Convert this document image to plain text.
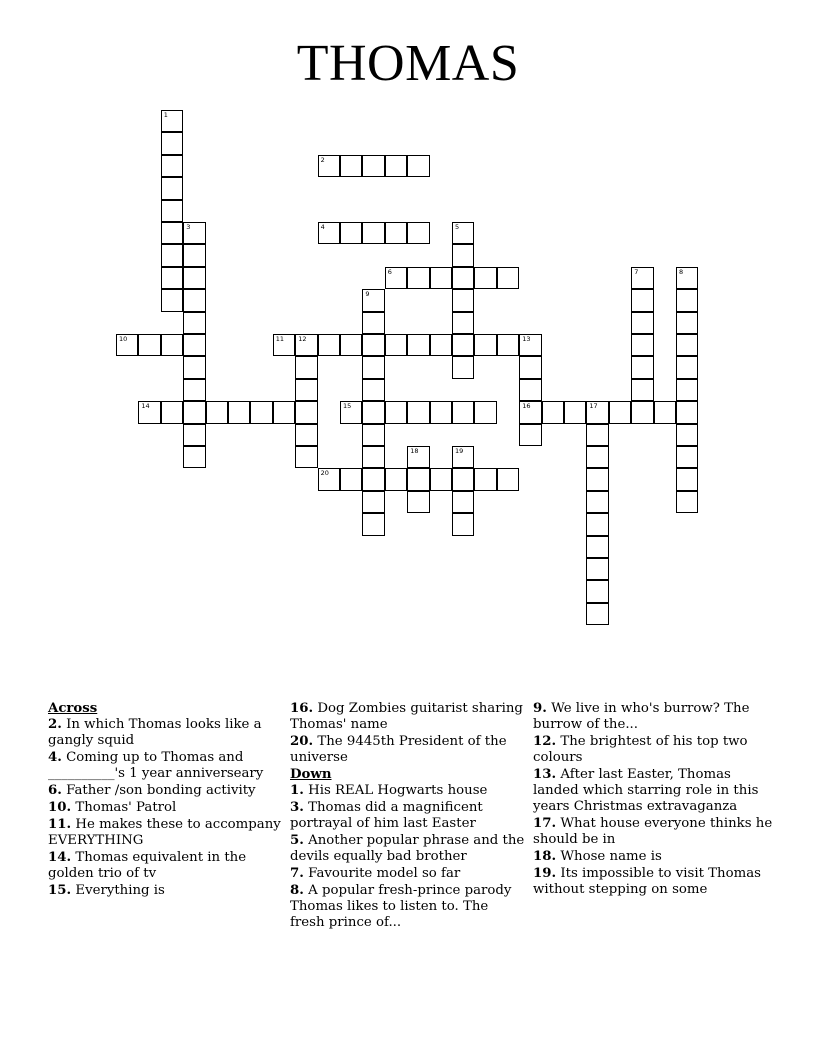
THOMAS
1
2
3	4	5
6	7	8
9
10	11 12	13
16
14	15	17
18	19
20
Across
2. In which Thomas looks like a gangly squid
4. Coming up to Thomas and __________'s 1 year anniverseary
6. Father /son bonding activity
10. Thomas' Patrol
11. He makes these to accompany EVERYTHING
14. Thomas equivalent in the golden trio of tv
15. Everything is
16. Dog Zombies guitarist sharing Thomas' name
20. The 9445th President of the universe
Down
1. His REAL Hogwarts house
3. Thomas did a magnificent portrayal of him last Easter
5. Another popular phrase and the devils equally bad brother
7. Favourite model so far
8. A popular fresh-prince parody Thomas likes to listen to. The fresh prince of...
9. We live in who's burrow? The burrow of the...
12. The brightest of his top two colours
13. After last Easter, Thomas landed which starring role in this years Christmas extravaganza
17. What house everyone thinks he should be in
18. Whose name is
19. Its impossible to visit Thomas without stepping on some
